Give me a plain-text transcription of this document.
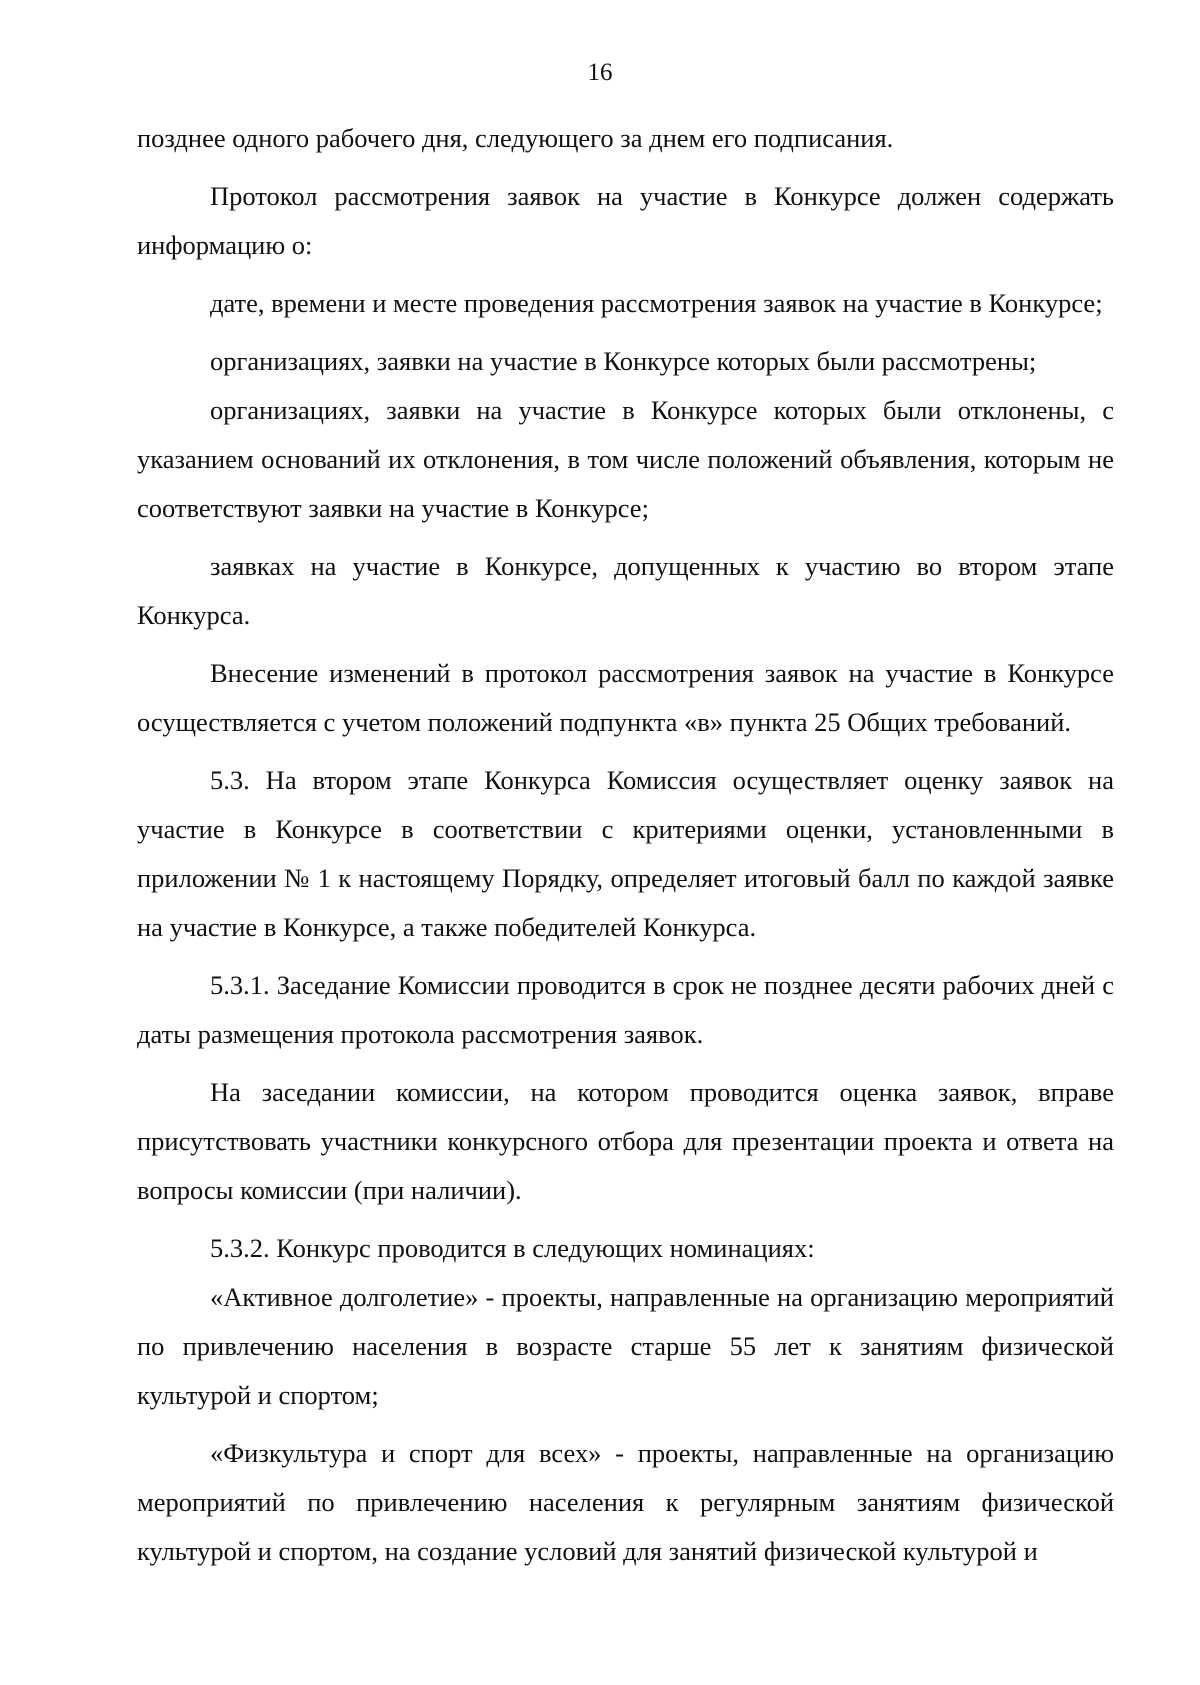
16

позднее одного рабочего дня, следующего за днем его подписания.

Протокол рассмотрения заявок на участие в Конкурсе должен содержать информацию о:

дате, времени и месте проведения рассмотрения заявок на участие в Конкурсе;

организациях, заявки на участие в Конкурсе которых были рассмотрены;

организациях, заявки на участие в Конкурсе которых были отклонены, с указанием оснований их отклонения, в том числе положений объявления, которым не соответствуют заявки на участие в Конкурсе;

заявках на участие в Конкурсе, допущенных к участию во втором этапе Конкурса.

Внесение изменений в протокол рассмотрения заявок на участие в Конкурсе осуществляется с учетом положений подпункта «в» пункта 25 Общих требований.

5.3. На втором этапе Конкурса Комиссия осуществляет оценку заявок на участие в Конкурсе в соответствии с критериями оценки, установленными в приложении № 1 к настоящему Порядку, определяет итоговый балл по каждой заявке на участие в Конкурсе, а также победителей Конкурса.

5.3.1. Заседание Комиссии проводится в срок не позднее десяти рабочих дней с даты размещения протокола рассмотрения заявок.

На заседании комиссии, на котором проводится оценка заявок, вправе присутствовать участники конкурсного отбора для презентации проекта и ответа на вопросы комиссии (при наличии).

5.3.2. Конкурс проводится в следующих номинациях:

«Активное долголетие» - проекты, направленные на организацию мероприятий по привлечению населения в возрасте старше 55 лет к занятиям физической культурой и спортом;

«Физкультура и спорт для всех» - проекты, направленные на организацию мероприятий по привлечению населения к регулярным занятиям физической культурой и спортом, на создание условий для занятий физической культурой и
